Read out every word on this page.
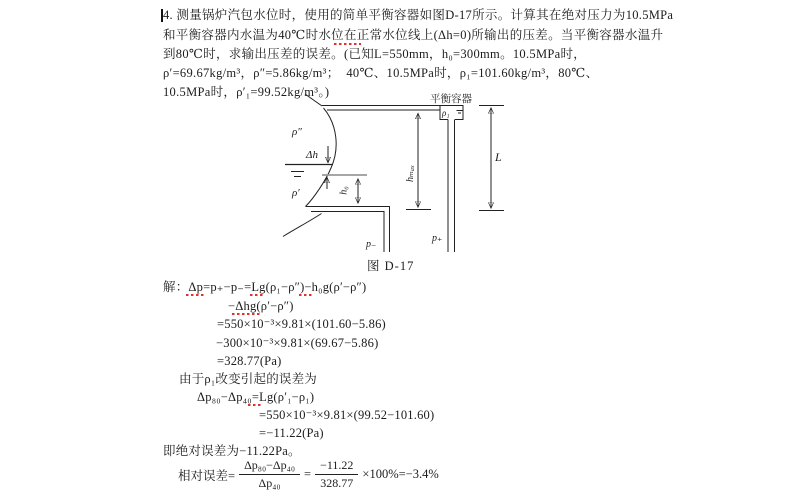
4. 测量锅炉汽包水位时，使用的简单平衡容器如图D-17所示。计算其在绝对压力为10.5MPa
和平衡容器内水温为40℃时水位在正常水位线上(Δh=0)所输出的压差。当平衡容器水温升
到80℃时，求输出压差的误差。(已知L=550mm，h₀=300mm。10.5MPa时，
ρ′=69.67kg/m³，ρ″=5.86kg/m³；  40℃、10.5MPa时，ρ₁=101.60kg/m³，80℃、
10.5MPa时，ρ′₁=99.52kg/m³。)
平衡容器
ρ″
Δh
ρ′	h₀
hₘₐₓ
ρ₁
p₋
p₊
L
图 D-17
解：Δp=p₊−p₋=Lg(ρ₁−ρ″)−h₀g(ρ′−ρ″)
−Δhg(ρ′−ρ″)
=550×10⁻³×9.81×(101.60−5.86)
−300×10⁻³×9.81×(69.67−5.86)
=328.77(Pa)
由于ρ₁改变引起的误差为
Δp₈₀−Δp₄₀=Lg(ρ′₁−ρ₁)
=550×10⁻³×9.81×(99.52−101.60)
=−11.22(Pa)
即绝对误差为−11.22Pa。
相对误差= $\frac{\text{Δp₈₀−Δp₄₀}}{\text{Δp₄₀}} = \frac{-11.22}{328.77} \times 100\%=-3.4\%$
